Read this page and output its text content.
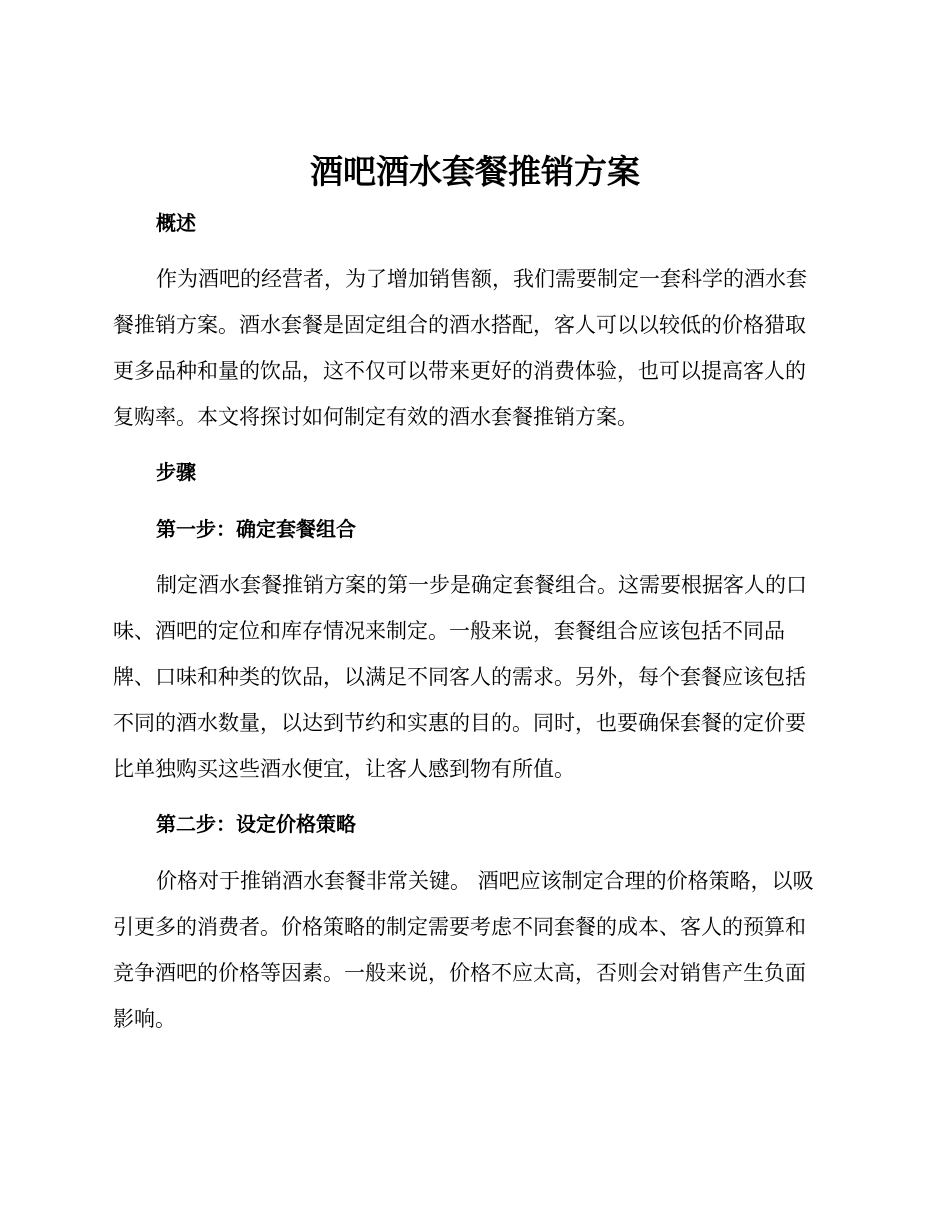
酒吧酒水套餐推销方案
概述
作为酒吧的经营者，为了增加销售额，我们需要制定一套科学的酒水套
餐推销方案。酒水套餐是固定组合的酒水搭配，客人可以以较低的价格猎取
更多品种和量的饮品，这不仅可以带来更好的消费体验，也可以提高客人的
复购率。本文将探讨如何制定有效的酒水套餐推销方案。
步骤
第一步：确定套餐组合
制定酒水套餐推销方案的第一步是确定套餐组合。这需要根据客人的口
味、酒吧的定位和库存情况来制定。一般来说，套餐组合应该包括不同品
牌、口味和种类的饮品，以满足不同客人的需求。另外，每个套餐应该包括
不同的酒水数量，以达到节约和实惠的目的。同时，也要确保套餐的定价要
比单独购买这些酒水便宜，让客人感到物有所值。
第二步：设定价格策略
价格对于推销酒水套餐非常关键。 酒吧应该制定合理的价格策略，以吸
引更多的消费者。价格策略的制定需要考虑不同套餐的成本、客人的预算和
竞争酒吧的价格等因素。一般来说，价格不应太高，否则会对销售产生负面
影响。
